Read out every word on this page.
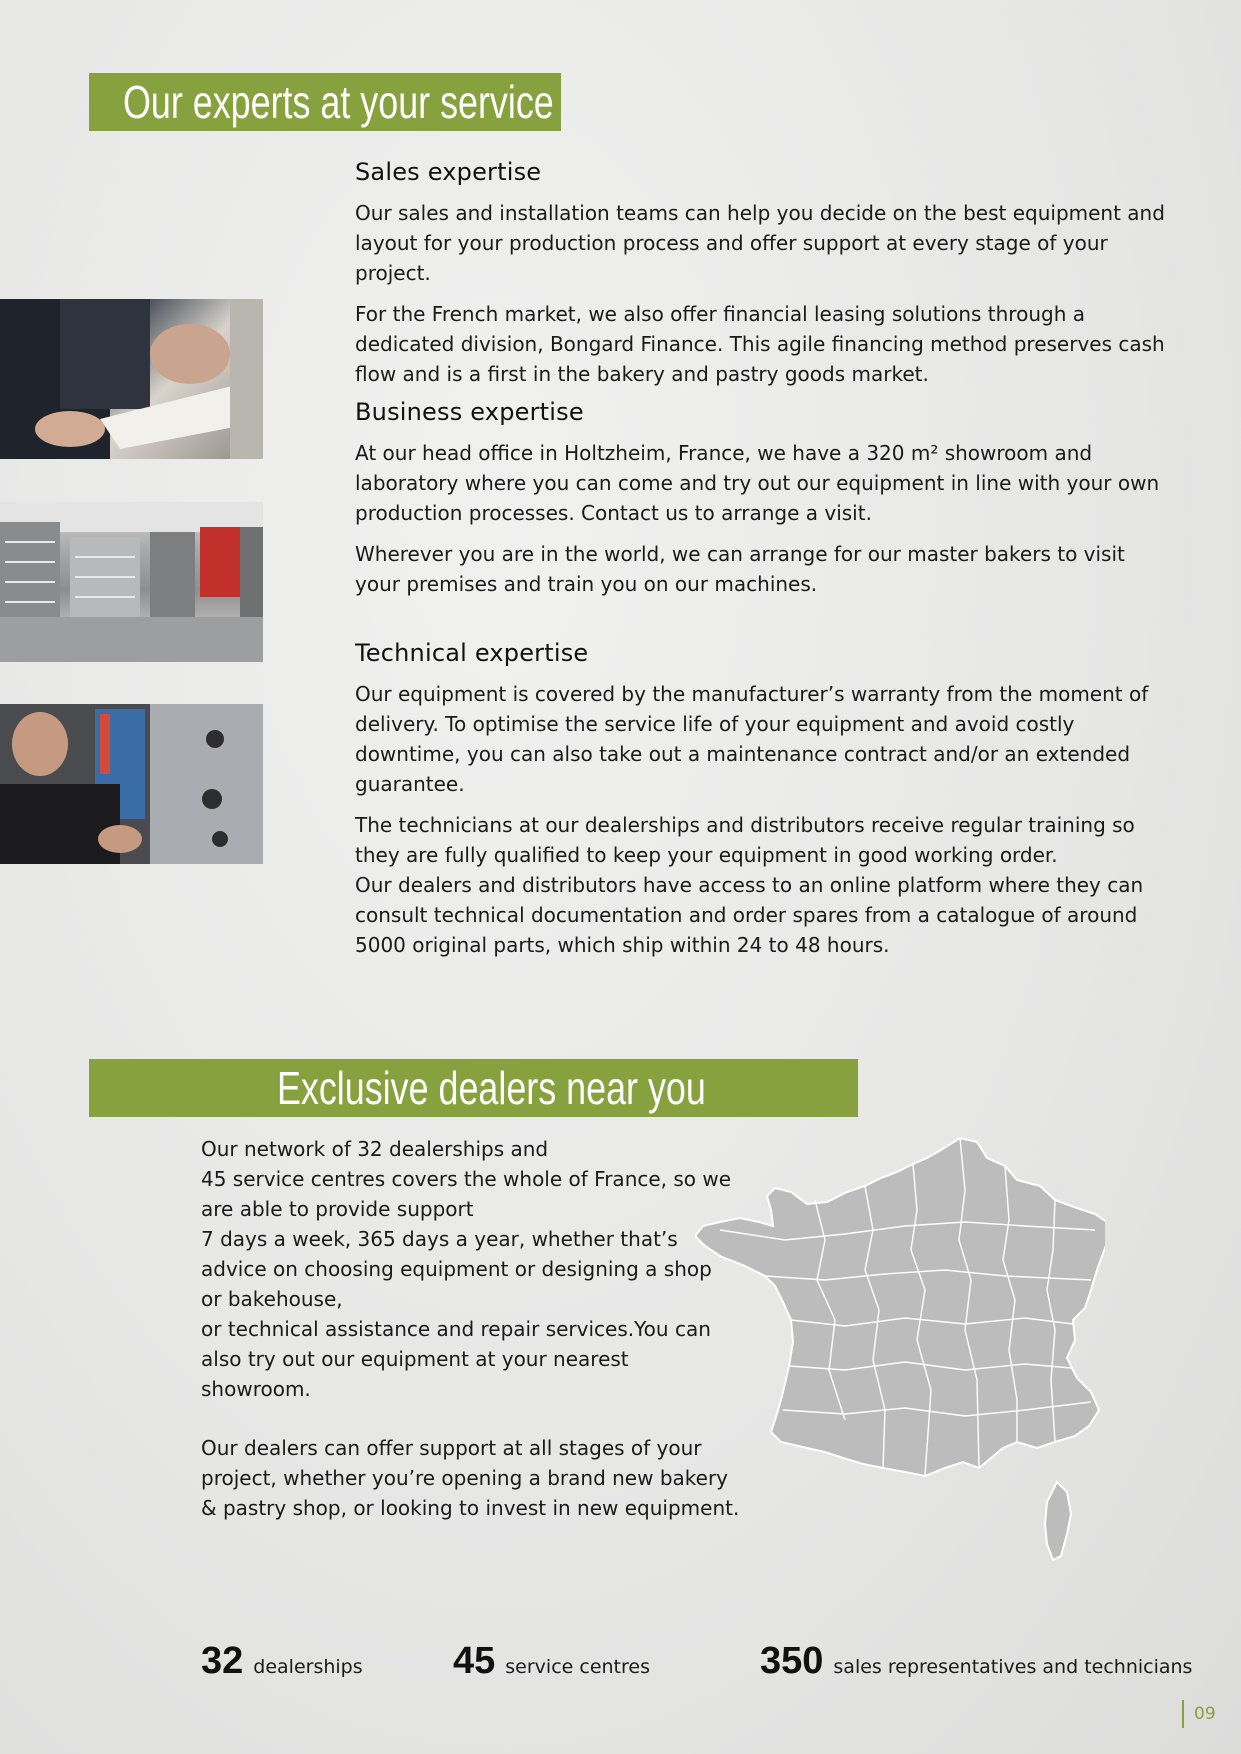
Our experts at your service
Sales expertise

Our sales and installation teams can help you decide on the best equipment and layout for your production process and offer support at every stage of your project.

For the French market, we also offer financial leasing solutions through a dedicated division, Bongard Finance. This agile financing method preserves cash flow and is a first in the bakery and pastry goods market.

Business expertise

At our head office in Holtzheim, France, we have a 320 m² showroom and laboratory where you can come and try out our equipment in line with your own production processes. Contact us to arrange a visit.

Wherever you are in the world, we can arrange for our master bakers to visit your premises and train you on our machines.

Technical expertise

Our equipment is covered by the manufacturer’s warranty from the moment of delivery. To optimise the service life of your equipment and avoid costly downtime, you can also take out a maintenance contract and/or an extended guarantee.

The technicians at our dealerships and distributors receive regular training so they are fully qualified to keep your equipment in good working order.

Our dealers and distributors have access to an online platform where they can consult technical documentation and order spares from a catalogue of around 5000 original parts, which ship within 24 to 48 hours.

Exclusive dealers near you

Our network of 32 dealerships and
45 service centres covers the whole of France, so we
are able to provide support
7 days a week, 365 days a year, whether that’s
advice on choosing equipment or designing a shop
or bakehouse,
or technical assistance and repair services.You can
also try out our equipment at your nearest showroom.

Our dealers can offer support at all stages of your
project, whether you’re opening a brand new bakery
& pastry shop, or looking to invest in new equipment.

32 dealerships 45 service centres	350 sales representatives and technicians
09
